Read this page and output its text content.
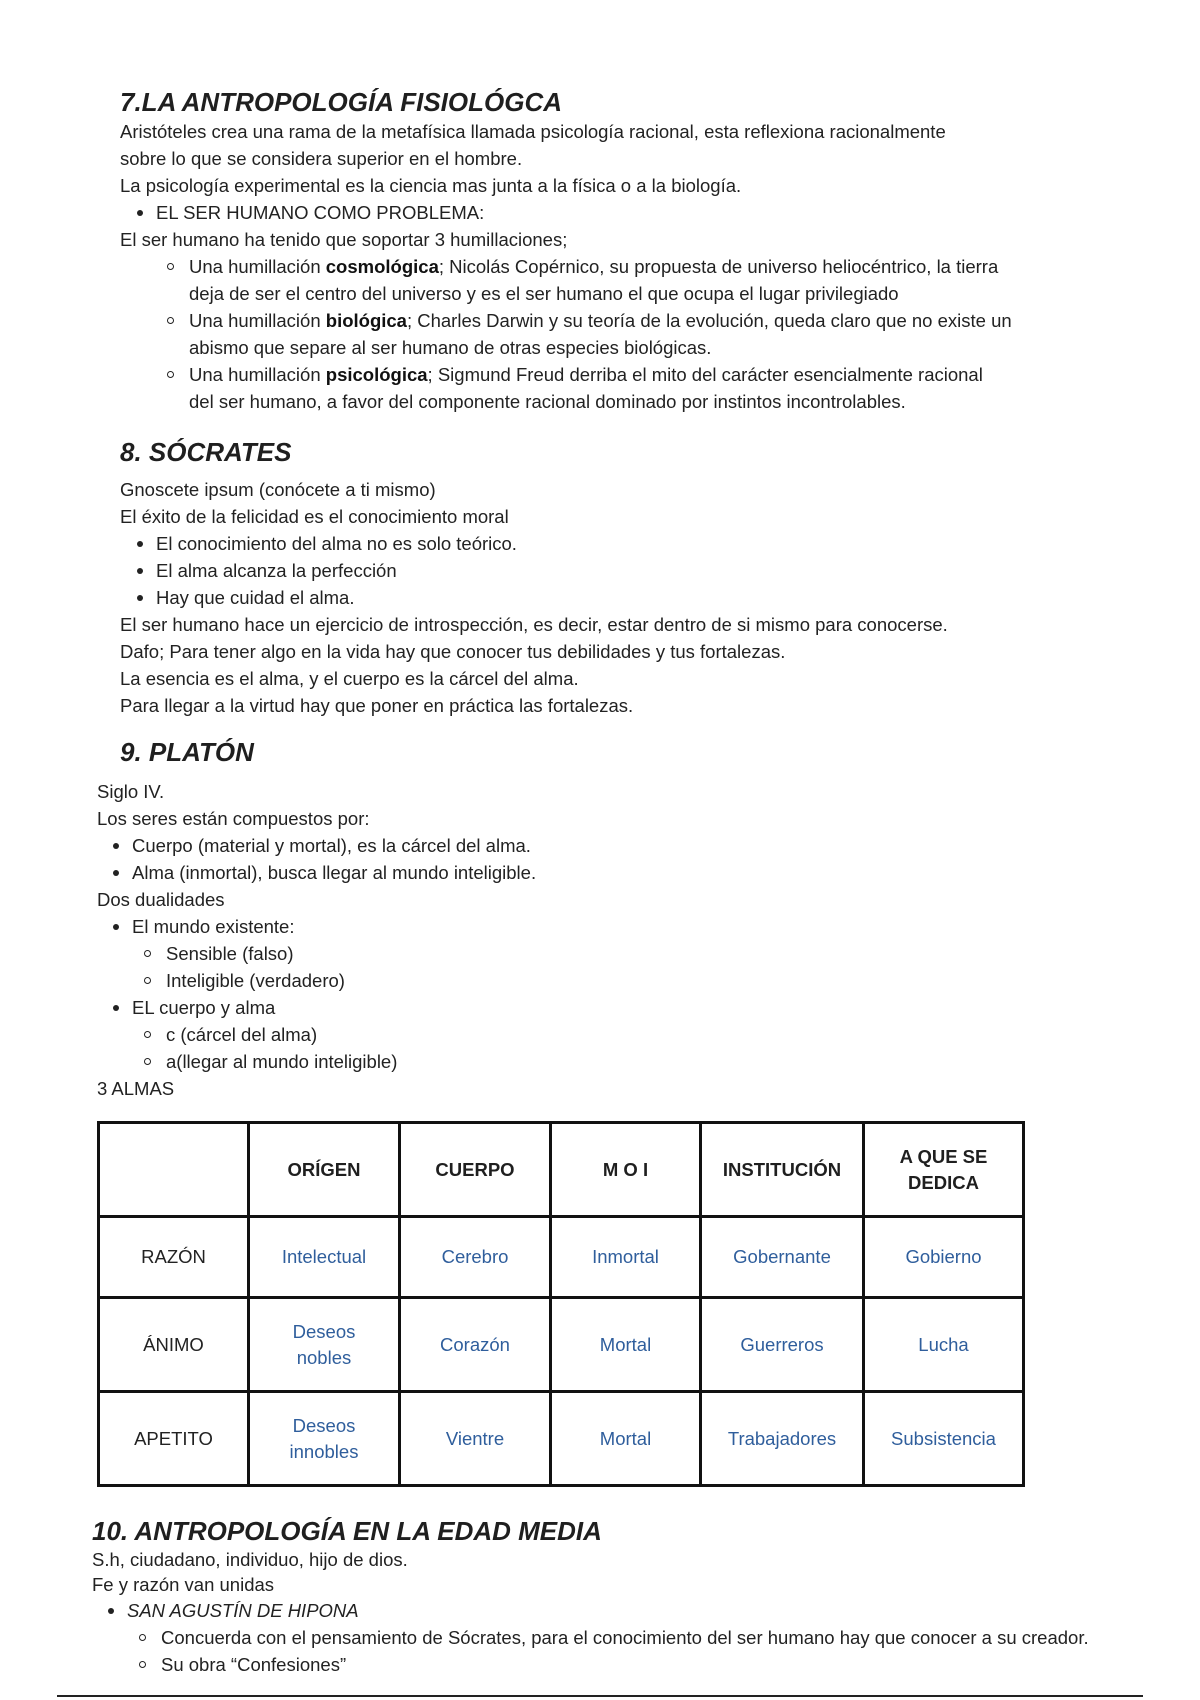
7.LA ANTROPOLOGÍA FISIOLÓGCA

Aristóteles crea una rama de la metafísica llamada psicología racional, esta reflexiona racionalmente
sobre lo que se considera superior en el hombre.

La psicología experimental es la ciencia mas junta a la física o a la biología.

EL SER HUMANO COMO PROBLEMA:

El ser humano ha tenido que soportar 3 humillaciones;

Una humillación cosmológica; Nicolás Copérnico, su propuesta de universo heliocéntrico, la tierra
deja de ser el centro del universo y es el ser humano el que ocupa el lugar privilegiado
Una humillación biológica; Charles Darwin y su teoría de la evolución, queda claro que no existe un
abismo que separe al ser humano de otras especies biológicas.
Una humillación psicológica; Sigmund Freud derriba el mito del carácter esencialmente racional
del ser humano, a favor del componente racional dominado por instintos incontrolables.
8. SÓCRATES

Gnoscete ipsum (conócete a ti mismo)

El éxito de la felicidad es el conocimiento moral

El conocimiento del alma no es solo teórico.
El alma alcanza la perfección
Hay que cuidad el alma.

El ser humano hace un ejercicio de introspección, es decir, estar dentro de si mismo para conocerse.

Dafo; Para tener algo en la vida hay que conocer tus debilidades y tus fortalezas.

La esencia es el alma, y el cuerpo es la cárcel del alma.

Para llegar a la virtud hay que poner en práctica las fortalezas.

9. PLATÓN

Siglo IV.

Los seres están compuestos por:

Cuerpo (material y mortal), es la cárcel del alma.
Alma (inmortal), busca llegar al mundo inteligible.

Dos dualidades

El mundo existente:
Sensible (falso)
Inteligible (verdadero)
EL cuerpo y alma
c (cárcel del alma)
a(llegar al mundo inteligible)

3 ALMAS

	ORÍGEN	CUERPO	M O I	INSTITUCIÓN	A QUE SE DEDICA
RAZÓN	Intelectual	Cerebro	Inmortal	Gobernante	Gobierno
ÁNIMO	Deseos nobles	Corazón	Mortal	Guerreros	Lucha
APETITO	Deseos innobles	Vientre	Mortal	Trabajadores	Subsistencia
10. ANTROPOLOGÍA EN LA EDAD MEDIA

S.h, ciudadano, individuo, hijo de dios.

Fe y razón van unidas

SAN AGUSTÍN DE HIPONA
Concuerda con el pensamiento de Sócrates, para el conocimiento del ser humano hay que conocer a su creador.
Su obra “Confesiones”
